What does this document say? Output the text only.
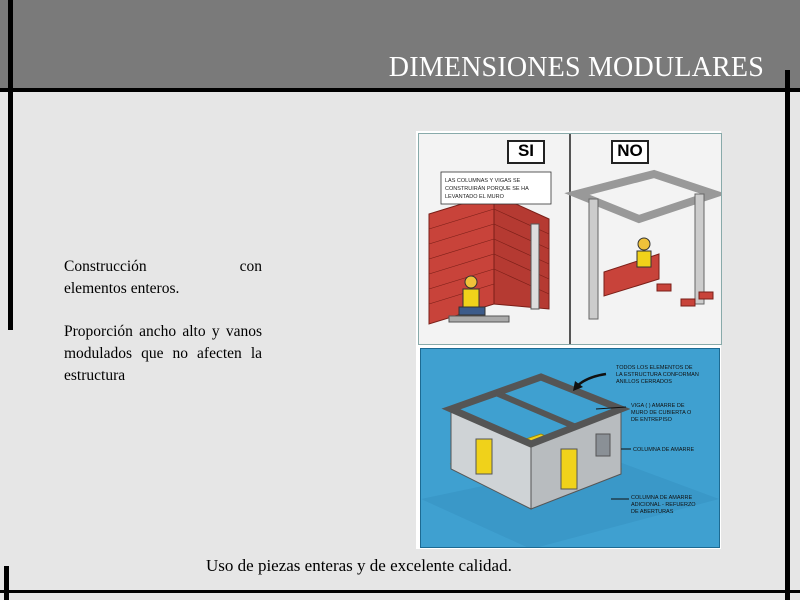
DIMENSIONES MODULARES
Construcción	con
elementos enteros.
Proporción ancho alto y vanos modulados que no afecten la estructura
LAS COLUMNAS Y VIGAS SE
CONSTRUIRÁN PORQUE SE HA
LEVANTADO EL MURO
SI	NO
TODOS LOS ELEMENTOS DE
LA ESTRUCTURA CONFORMAN
ANILLOS CERRADOS
VIGA ( ) AMARRE DE
MURO DE CUBIERTA O
DE ENTREPISO
COLUMNA DE AMARRE
COLUMNA DE AMARRE
ADICIONAL - REFUERZO
DE ABERTURAS
Uso de piezas enteras y de excelente calidad.
